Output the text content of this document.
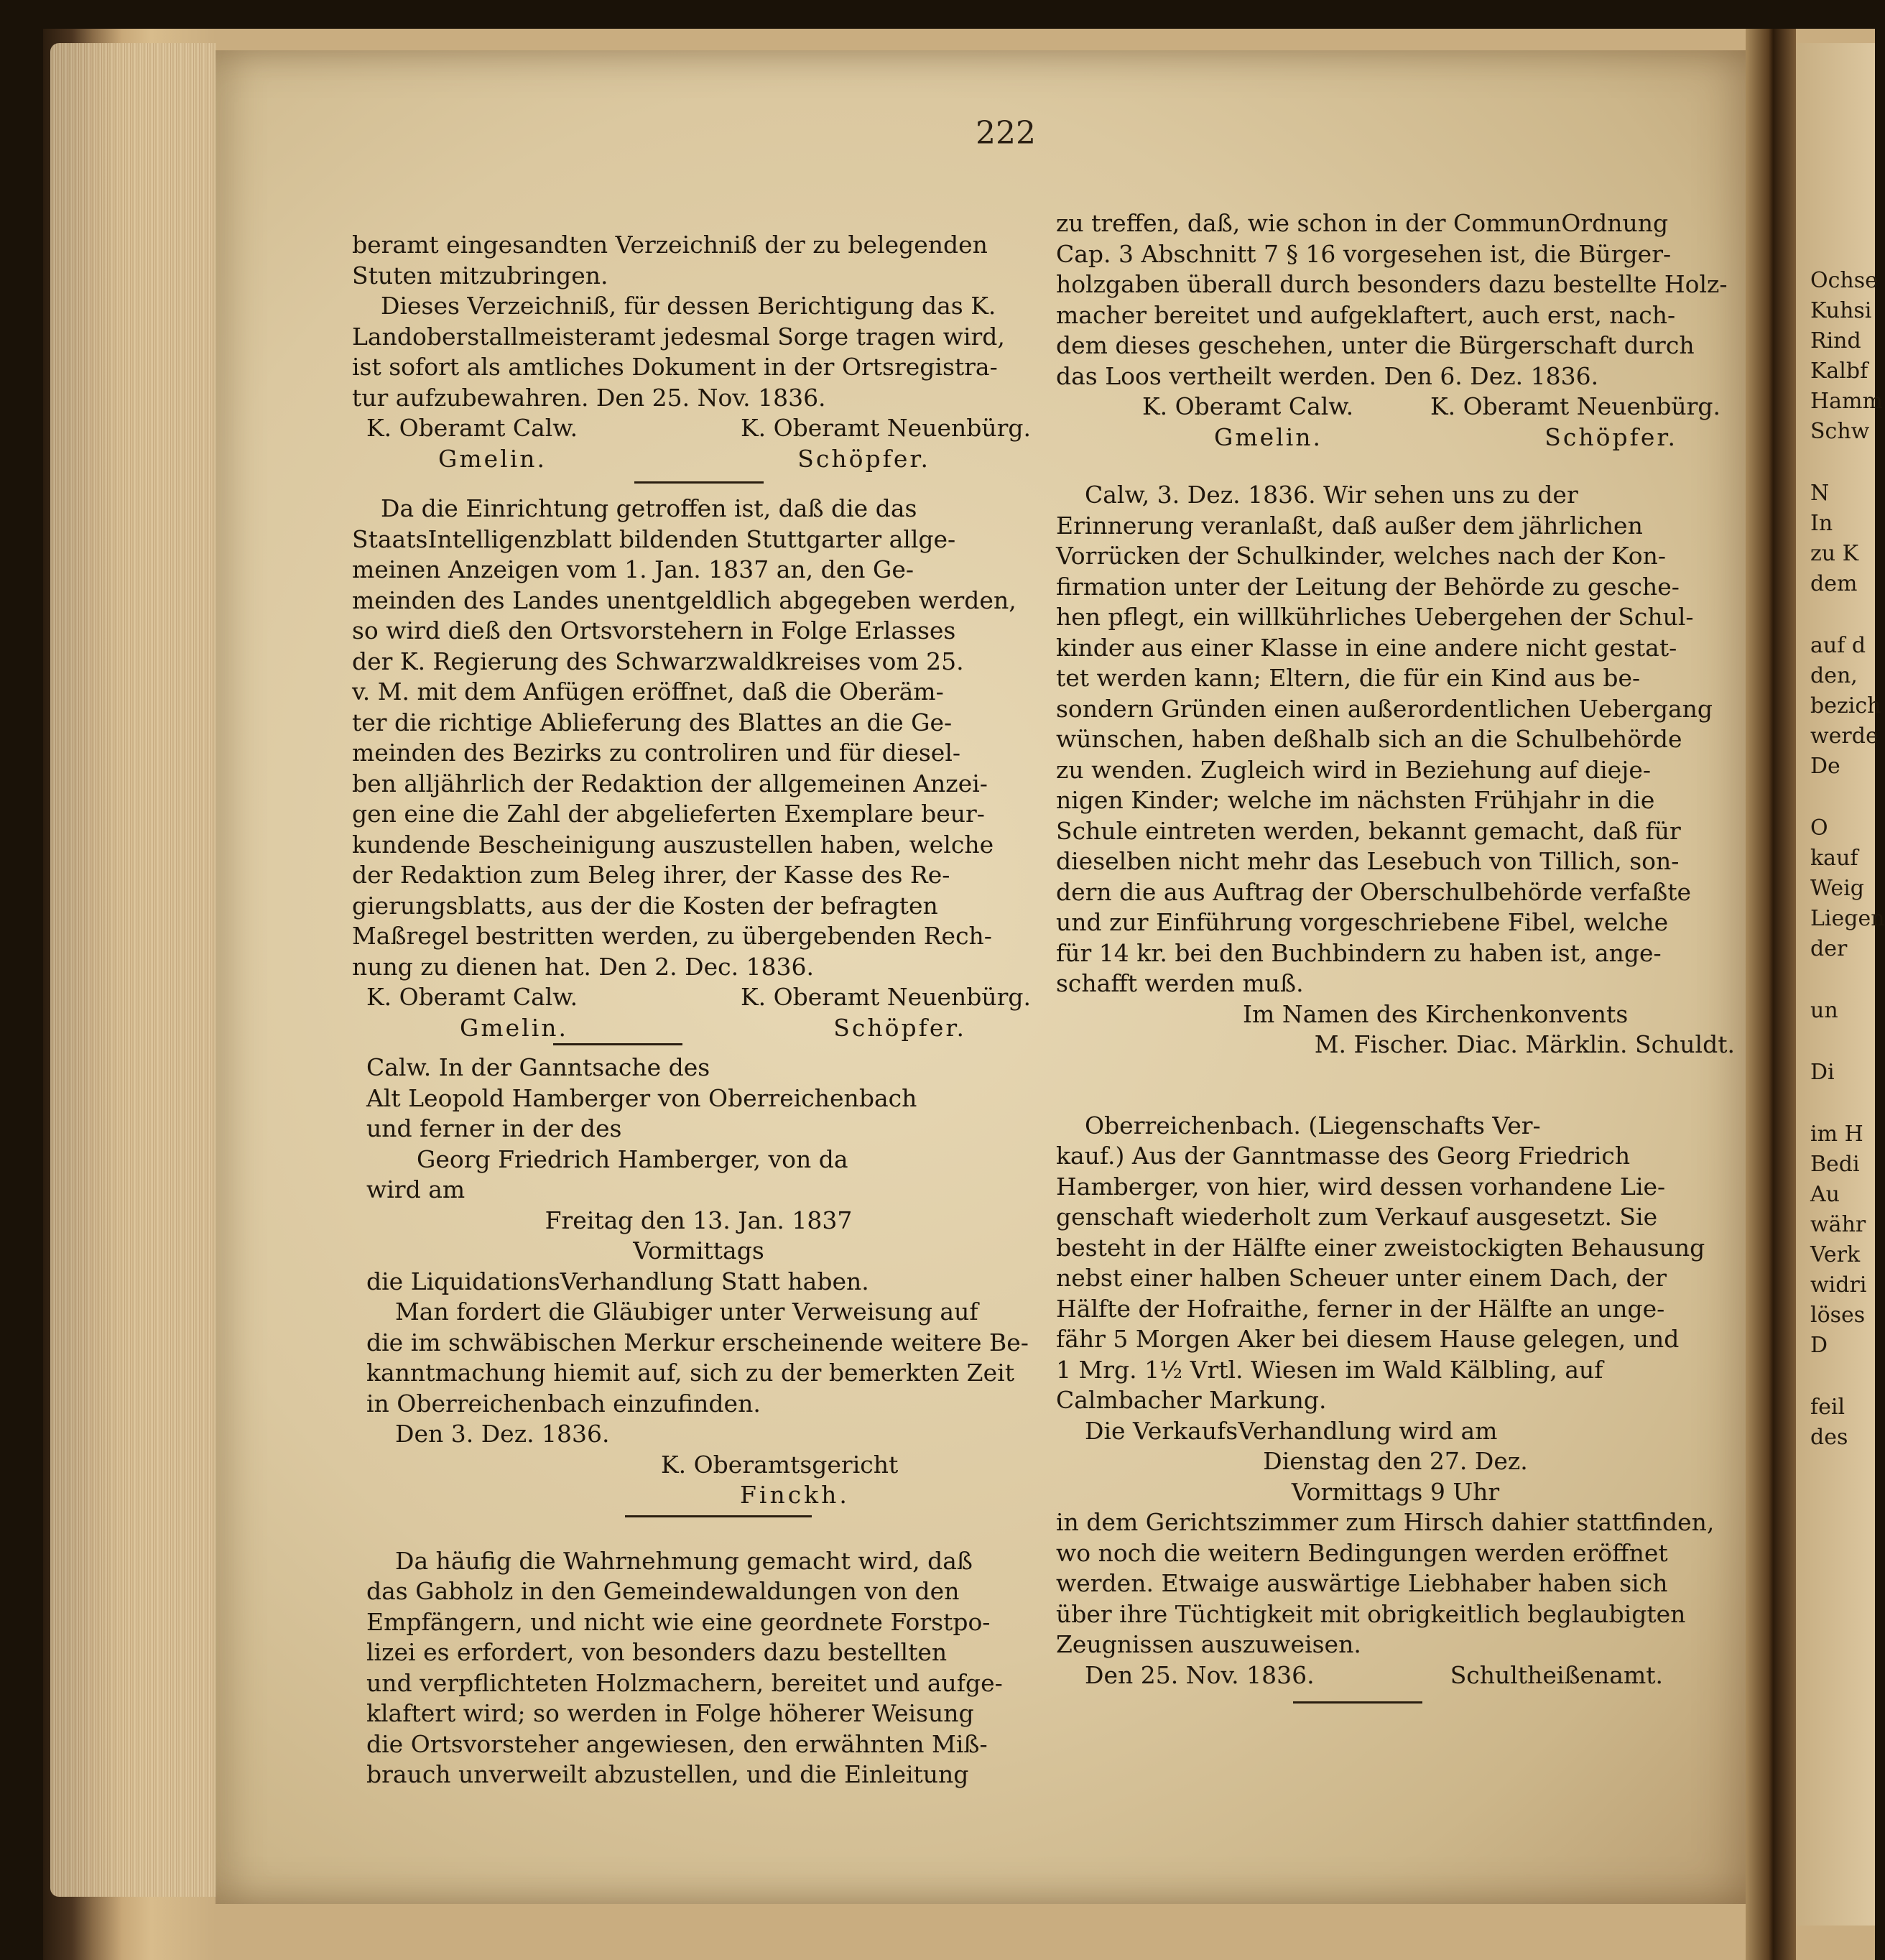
222

beramt eingesandten Verzeichniß der zu belegenden

Stuten mitzubringen.

Dieses Verzeichniß, für dessen Berichtigung das K.

Landoberstallmeisteramt jedesmal Sorge tragen wird,

ist sofort als amtliches Dokument in der Ortsregistra-

tur aufzubewahren. Den 25. Nov. 1836.

K. Oberamt Calw.	K. Oberamt Neuenbürg.
Gmelin.	Schöpfer.

Da die Einrichtung getroffen ist, daß die das

StaatsIntelligenzblatt bildenden Stuttgarter allge-

meinen Anzeigen vom 1. Jan. 1837 an, den Ge-

meinden des Landes unentgeldlich abgegeben werden,

so wird dieß den Ortsvorstehern in Folge Erlasses

der K. Regierung des Schwarzwaldkreises vom 25.

v. M. mit dem Anfügen eröffnet, daß die Oberäm-

ter die richtige Ablieferung des Blattes an die Ge-

meinden des Bezirks zu controliren und für diesel-

ben alljährlich der Redaktion der allgemeinen Anzei-

gen eine die Zahl der abgelieferten Exemplare beur-

kundende Bescheinigung auszustellen haben, welche

der Redaktion zum Beleg ihrer, der Kasse des Re-

gierungsblatts, aus der die Kosten der befragten

Maßregel bestritten werden, zu übergebenden Rech-

nung zu dienen hat. Den 2. Dec. 1836.

K. Oberamt Calw.	K. Oberamt Neuenbürg.
Gmelin.	Schöpfer.

Calw. In der Ganntsache des

Alt Leopold Hamberger von Oberreichenbach

und ferner in der des

Georg Friedrich Hamberger, von da

wird am

Freitag den 13. Jan. 1837

Vormittags

die LiquidationsVerhandlung Statt haben.

Man fordert die Gläubiger unter Verweisung auf

die im schwäbischen Merkur erscheinende weitere Be-

kanntmachung hiemit auf, sich zu der bemerkten Zeit

in Oberreichenbach einzufinden.

Den 3. Dez. 1836.

K. Oberamtsgericht

Finckh.

Da häufig die Wahrnehmung gemacht wird, daß

das Gabholz in den Gemeindewaldungen von den

Empfängern, und nicht wie eine geordnete Forstpo-

lizei es erfordert, von besonders dazu bestellten

und verpflichteten Holzmachern, bereitet und aufge-

klaftert wird; so werden in Folge höherer Weisung

die Ortsvorsteher angewiesen, den erwähnten Miß-

brauch unverweilt abzustellen, und die Einleitung

zu treffen, daß, wie schon in der CommunOrdnung

Cap. 3 Abschnitt 7 § 16 vorgesehen ist, die Bürger-

holzgaben überall durch besonders dazu bestellte Holz-

macher bereitet und aufgeklaftert, auch erst, nach-

dem dieses geschehen, unter die Bürgerschaft durch

das Loos vertheilt werden. Den 6. Dez. 1836.

K. Oberamt Calw.	K. Oberamt Neuenbürg.
Gmelin.	Schöpfer.

Calw, 3. Dez. 1836. Wir sehen uns zu der

Erinnerung veranlaßt, daß außer dem jährlichen

Vorrücken der Schulkinder, welches nach der Kon-

firmation unter der Leitung der Behörde zu gesche-

hen pflegt, ein willkührliches Uebergehen der Schul-

kinder aus einer Klasse in eine andere nicht gestat-

tet werden kann; Eltern, die für ein Kind aus be-

sondern Gründen einen außerordentlichen Uebergang

wünschen, haben deßhalb sich an die Schulbehörde

zu wenden. Zugleich wird in Beziehung auf dieje-

nigen Kinder; welche im nächsten Frühjahr in die

Schule eintreten werden, bekannt gemacht, daß für

dieselben nicht mehr das Lesebuch von Tillich, son-

dern die aus Auftrag der Oberschulbehörde verfaßte

und zur Einführung vorgeschriebene Fibel, welche

für 14 kr. bei den Buchbindern zu haben ist, ange-

schafft werden muß.

Im Namen des Kirchenkonvents

M. Fischer. Diac. Märklin. Schuldt.

Oberreichenbach. (Liegenschafts Ver-

kauf.) Aus der Ganntmasse des Georg Friedrich

Hamberger, von hier, wird dessen vorhandene Lie-

genschaft wiederholt zum Verkauf ausgesetzt. Sie

besteht in der Hälfte einer zweistockigten Behausung

nebst einer halben Scheuer unter einem Dach, der

Hälfte der Hofraithe, ferner in der Hälfte an unge-

fähr 5 Morgen Aker bei diesem Hause gelegen, und

1 Mrg. 1½ Vrtl. Wiesen im Wald Kälbling, auf

Calmbacher Markung.

Die VerkaufsVerhandlung wird am

Dienstag den 27. Dez.

Vormittags 9 Uhr

in dem Gerichtszimmer zum Hirsch dahier stattfinden,

wo noch die weitern Bedingungen werden eröffnet

werden. Etwaige auswärtige Liebhaber haben sich

über ihre Tüchtigkeit mit obrigkeitlich beglaubigten

Zeugnissen auszuweisen.

Den 25. Nov. 1836.	Schultheißenamt.

Ochse

Kuhsi

Rind

Kalbf

Hamm

Schw

N

In

zu K

dem

auf d

den,

bezich

werde

De

O

kauf

Weig

Liegen

der

un

Di

im H

Bedi

Au

währ

Verk

widri

löses

D

feil

des
